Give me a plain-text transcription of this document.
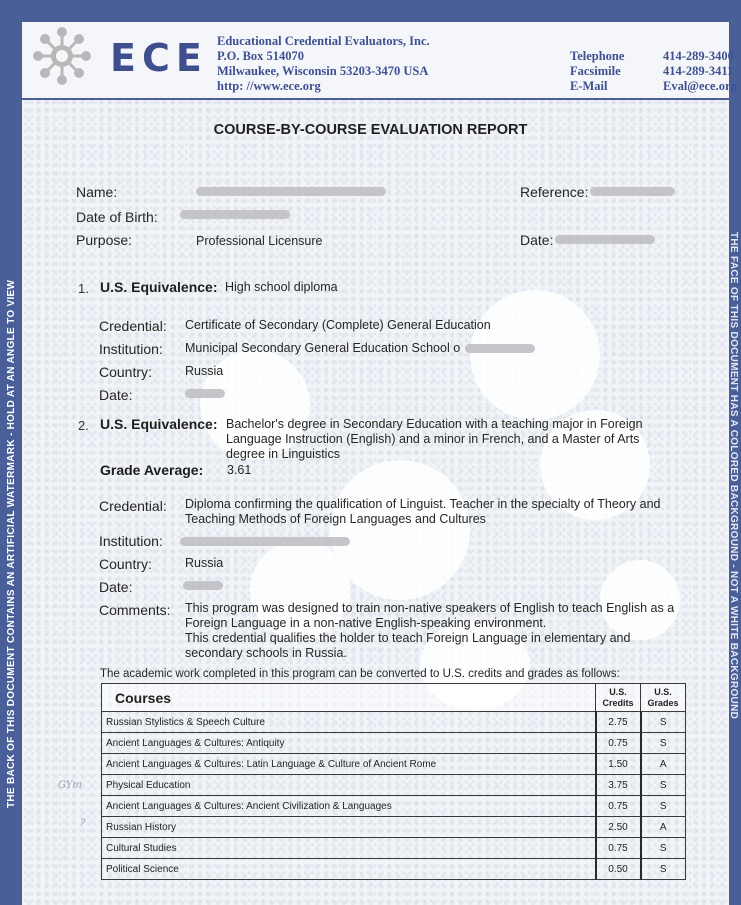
THE BACK OF THIS DOCUMENT CONTAINS AN ARTIFICIAL WATERMARK - HOLD AT AN ANGLE TO VIEW	THE FACE OF THIS DOCUMENT HAS A COLORED BACKGROUND - NOT A WHITE BACKGROUND
ECE Educational Credential Evaluators, Inc.
P.O. Box 514070
Milwaukee, Wisconsin 53203-3470 USA
http: //www.ece.org
Telephone	414-289-3400
Facsimile	414-289-3411
E-Mail	Eval@ece.org
COURSE-BY-COURSE EVALUATION REPORT
Name:
Date of Birth:
Purpose:	Professional Licensure
Reference:
Date:
1. U.S. Equivalence: High school diploma
Credential: Certificate of Secondary (Complete) General Education
Institution: Municipal Secondary General Education School o
Country:	Russia
Date:
2. U.S. Equivalence: Bachelor's degree in Secondary Education with a teaching major in Foreign Language Instruction (English) and a minor in French, and a Master of Arts degree in Linguistics
Grade Average: 3.61
Credential: Diploma confirming the qualification of Linguist. Teacher in the specialty of Theory and Teaching Methods of Foreign Languages and Cultures
Institution:
Country:	Russia
Date:
Comments: This program was designed to train non-native speakers of English to teach English as a Foreign Language in a non-native English-speaking environment.
This credential qualifies the holder to teach Foreign Language in elementary and secondary schools in Russia.
The academic work completed in this program can be converted to U.S. credits and grades as follows:
Courses	U.S. Credits	U.S. Grades
Russian Stylistics & Speech Culture	2.75	S
Ancient Languages & Cultures: Antiquity	0.75	S
Ancient Languages & Cultures: Latin Language & Culture of Ancient Rome	1.50	A
Physical Education	3.75	S
Ancient Languages & Cultures: Ancient Civilization & Languages	0.75	S
Russian History	2.50	A
Cultural Studies	0.75	S
Political Science	0.50	S
GYm
?
